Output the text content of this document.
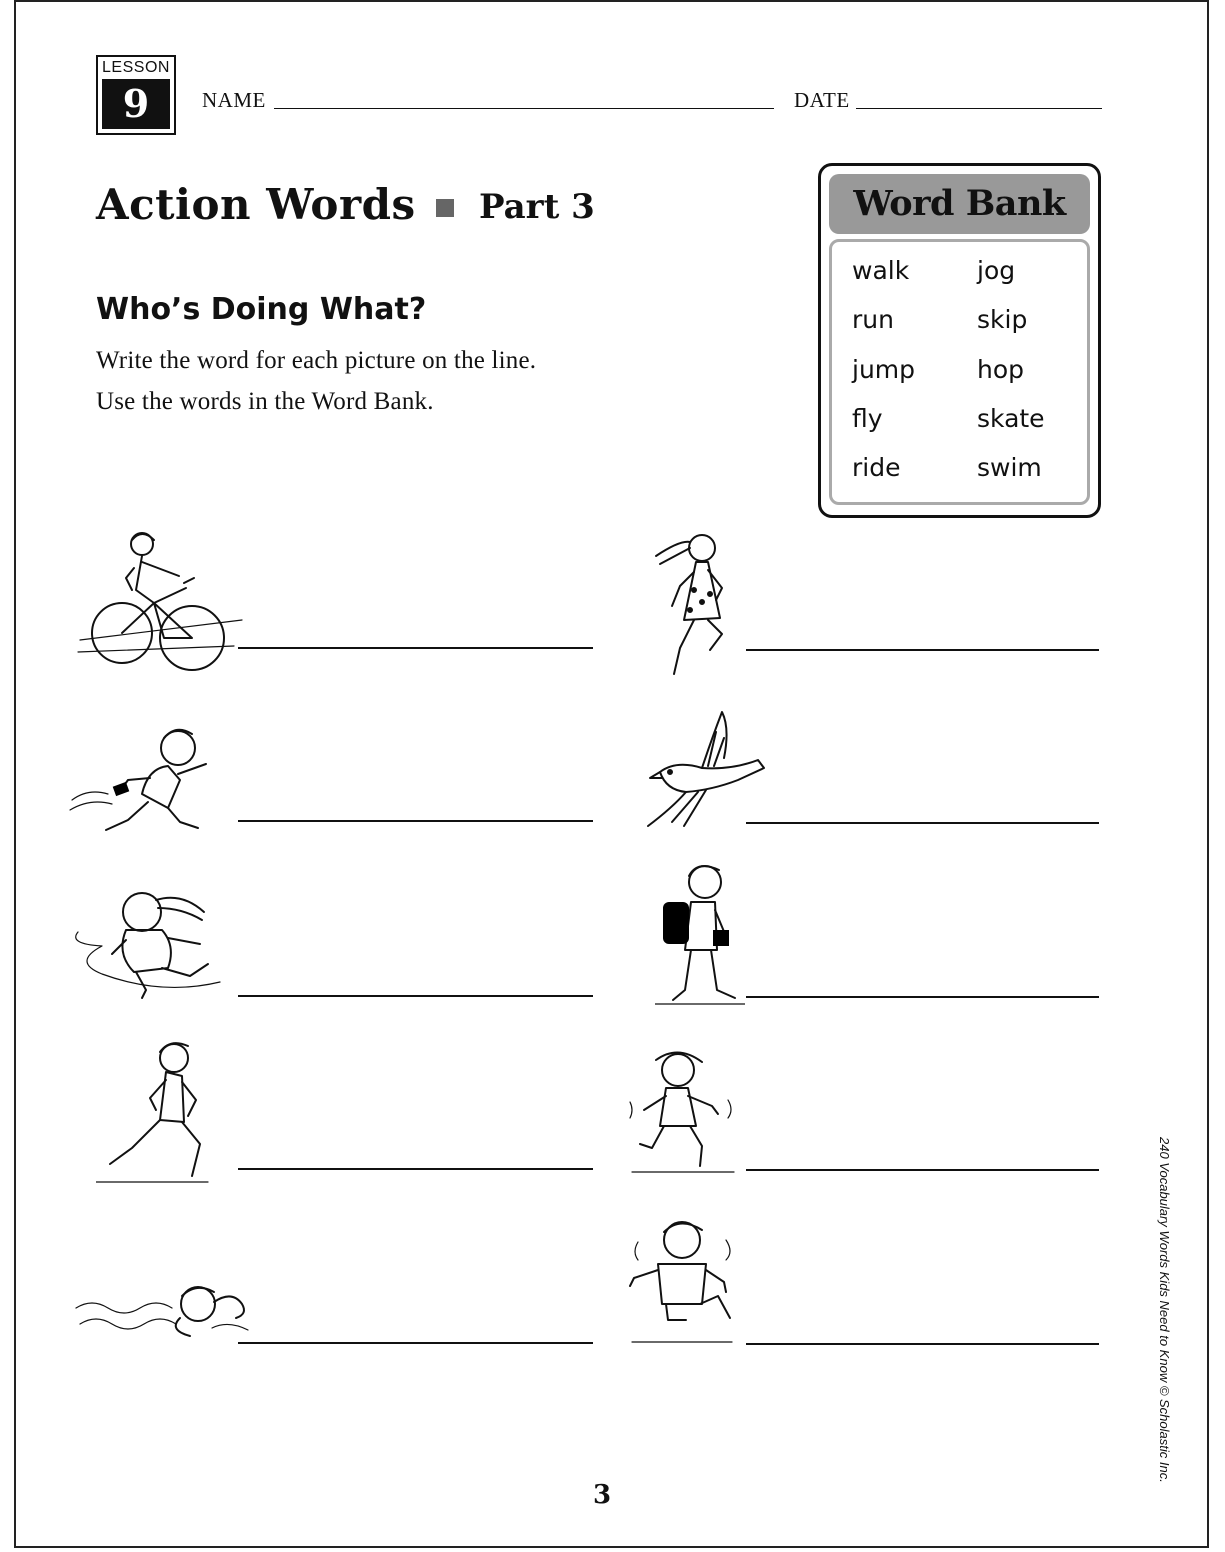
LESSON
9	NAME	DATE
Action Words Part 3
Who’s Doing What?
Write the word for each picture on the line.
Use the words in the Word Bank.
Word Bank
walk	jog
run	skip
jump hop
fly	skate
ride	swim
240 Vocabulary Words Kids Need to Know © Scholastic Inc.
3
